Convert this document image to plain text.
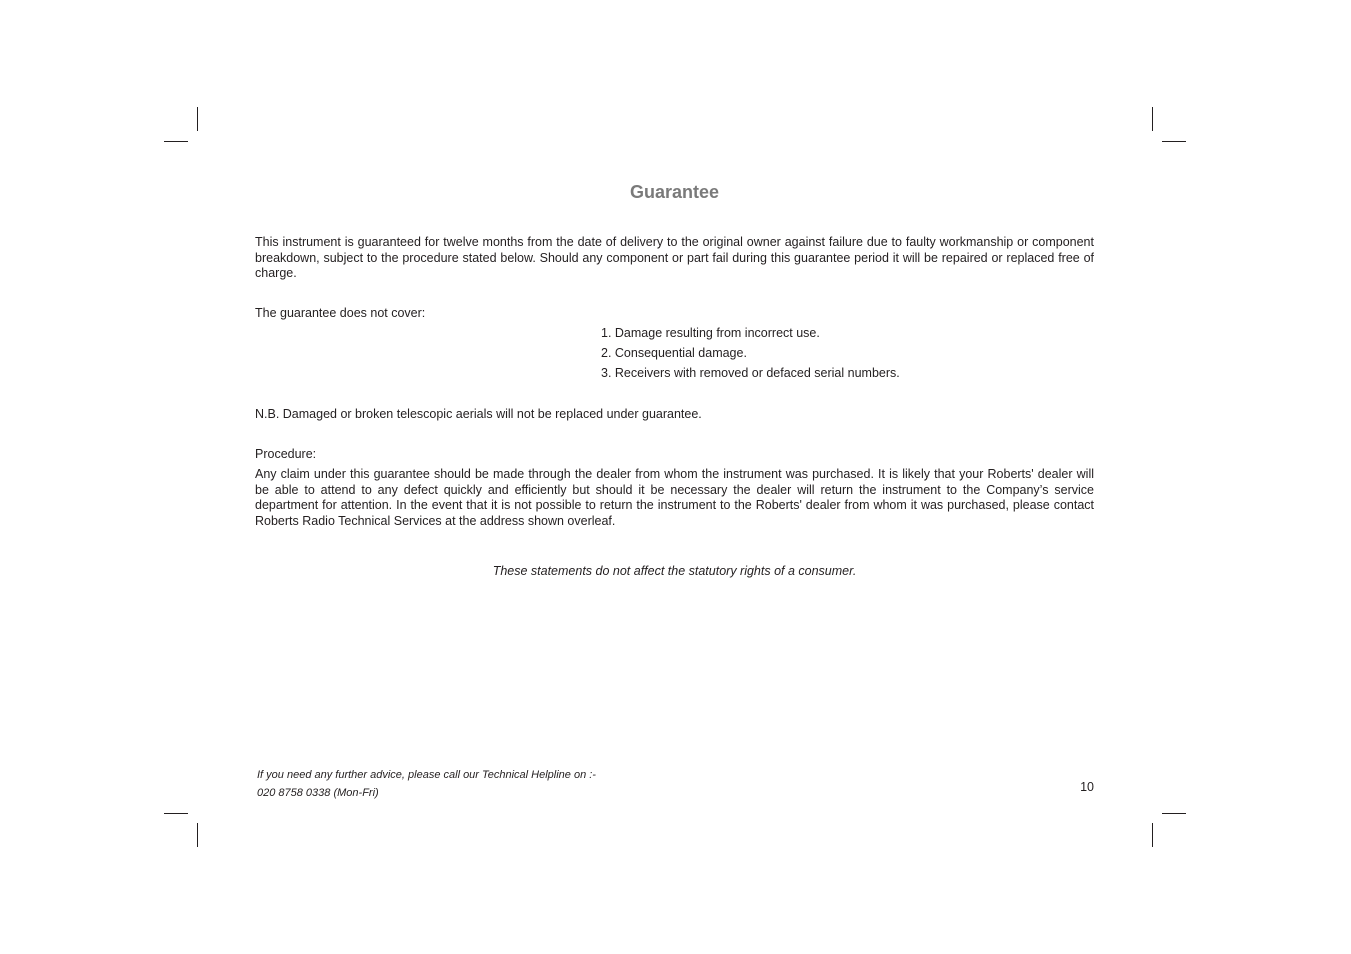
Guarantee

This instrument is guaranteed for twelve months from the date of delivery to the original owner against failure due to faulty workmanship or component breakdown, subject to the procedure stated below. Should any component or part fail during this guarantee period it will be repaired or replaced free of charge.

The guarantee does not cover:

1. Damage resulting from incorrect use.
2. Consequential damage.
3. Receivers with removed or defaced serial numbers.

N.B. Damaged or broken telescopic aerials will not be replaced under guarantee.

Procedure:

Any claim under this guarantee should be made through the dealer from whom the instrument was purchased. It is likely that your Roberts' dealer will be able to attend to any defect quickly and efficiently but should it be necessary the dealer will return the instrument to the Company’s service department for attention. In the event that it is not possible to return the instrument to the Roberts' dealer from whom it was purchased, please contact Roberts Radio Technical Services at the address shown overleaf.

These statements do not affect the statutory rights of a consumer.

If you need any further advice, please call our Technical Helpline on :-

020 8758 0338 (Mon-Fri)	10
